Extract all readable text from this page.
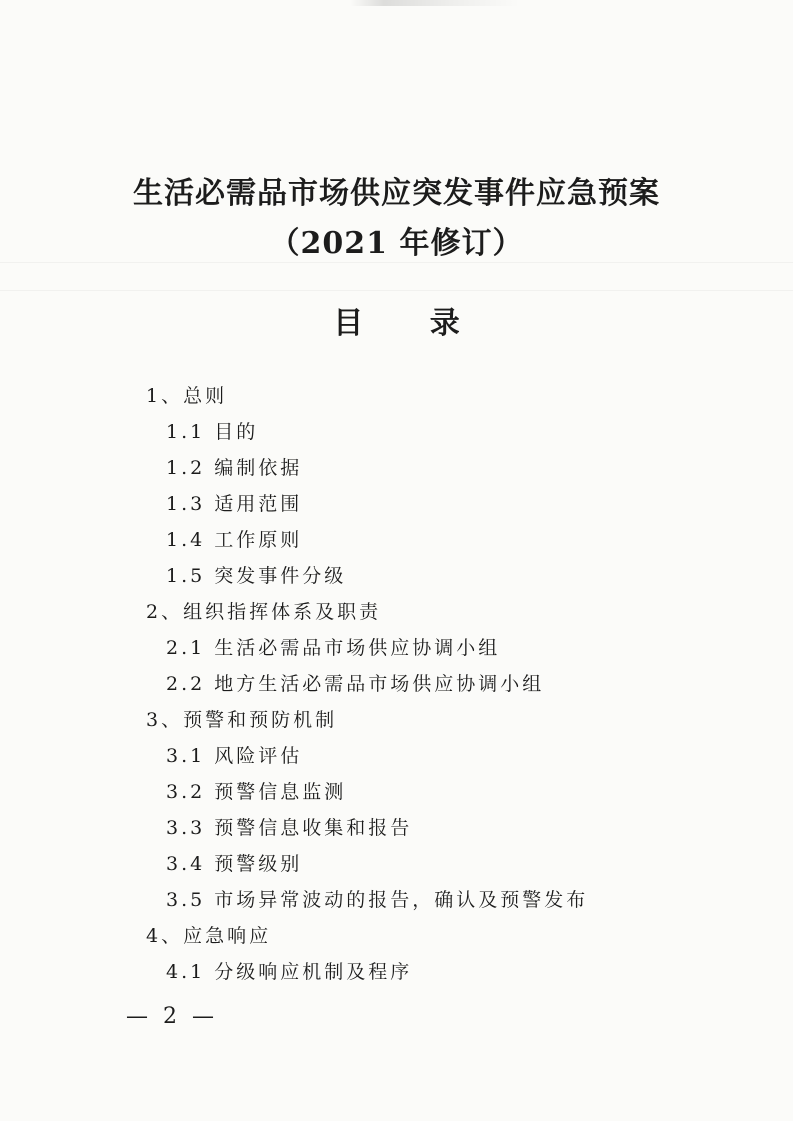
生活必需品市场供应突发事件应急预案
（2021 年修订）
目 录
1、总则
1.1 目的
1.2 编制依据
1.3 适用范围
1.4 工作原则
1.5 突发事件分级
2、组织指挥体系及职责
2.1 生活必需品市场供应协调小组
2.2 地方生活必需品市场供应协调小组
3、预警和预防机制
3.1 风险评估
3.2 预警信息监测
3.3 预警信息收集和报告
3.4 预警级别
3.5 市场异常波动的报告，确认及预警发布
4、应急响应
4.1 分级响应机制及程序
— 2 —
